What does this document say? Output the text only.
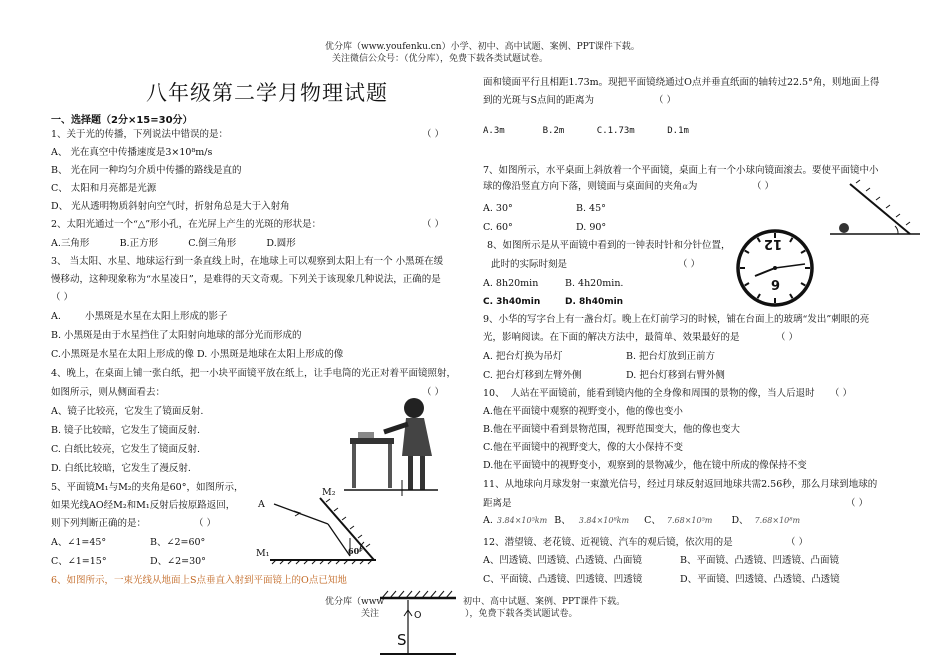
优分库（www.youfenku.cn）小学、初中、高中试题、案例、PPT课件下载。
关注微信公众号：（优分库），免费下载各类试题试卷。
八年级第二学月物理试题
一、选择题（2分×15=30分）
1、关于光的传播，下列说法中错误的是：	（ ）
A、 光在真空中传播速度是3×10⁸m/s
B、 光在同一种均匀介质中传播的路线是直的
C、 太阳和月亮都是光源
D、 光从透明物质斜射向空气时，折射角总是大于入射角
2、太阳光通过一个“△”形小孔，在光屏上产生的光斑的形状是：	（ ）
A.三角形          B.正方形          C.倒三角形          D.圆形
3、 当太阳、水星、地球运行到一条直线上时，在地球上可以观察到太阳上有一个 小黑斑在缓
慢移动，这种现象称为“水星凌日”，是难得的天文奇观。下列关于该现象几种说法，正确的是
（ ）
A.        小黑斑是水星在太阳上形成的影子
B. 小黑斑是由于水星挡住了太阳射向地球的部分光而形成的
C.小黑斑是水星在太阳上形成的像 D. 小黑斑是地球在太阳上形成的像
4、晚上，在桌面上铺一张白纸，把一小块平面镜平放在纸上，让手电筒的光正对着平面镜照射，
如图所示，则从侧面看去：	（ ）
A、镜子比较亮，它发生了镜面反射.
B. 镜子比较暗，它发生了镜面反射.
C. 白纸比较亮，它发生了镜面反射.
D. 白纸比较暗，它发生了漫反射.
5、平面镜M₁与M₂的夹角是60°，如图所示，
如果光线AO经M₂和M₁反射后按原路返回，
则下列判断正确的是：	（ ）
A、∠1=45°	B、∠2=60°
C、∠1=15°	D、∠2=30°
A
M₂
M₁	60°
6、如图所示，一束光线从地面上S点垂直入射到平面镜上的O点已知地
O
S
面和镜面平行且相距1.73m。现把平面镜绕通过O点并垂直纸面的轴转过22.5°角，则地面上得
到的光斑与S点间的距离为	（ ）
A.3m       B.2m      C.1.73m      D.1m
7、如图所示，水平桌面上斜放着一个平面镜，桌面上有一个小球向镜面滚去。要使平面镜中小
球的像沿竖直方向下落，则镜面与桌面间的夹角α为	（ ）
A. 30°	B. 45°
C. 60°	D. 90°
8、如图所示是从平面镜中看到的一钟表时针和分针位置，
此时的实际时刻是	（ ）
A. 8h20min	B. 4h20min.
C. 3h40min	D. 8h40min
12
6
9、小华的写字台上有一盏台灯。晚上在灯前学习的时候，铺在台面上的玻璃“发出”刺眼的亮
光，影响阅读。在下面的解决方法中，最简单、效果最好的是	（ ）
A. 把台灯换为吊灯	B. 把台灯放到正前方
C. 把台灯移到左臂外侧	D. 把台灯移到右臂外侧
10、  人站在平面镜前，能看到镜内他的全身像和周围的景物的像，当人后退时 （ ）
A.他在平面镜中观察的视野变小，他的像也变小
B.他在平面镜中看到景物范围，视野范围变大，他的像也变大
C.他在平面镜中的视野变大，像的大小保持不变
D.他在平面镜中的视野变小，观察到的景物减少，他在镜中所成的像保持不变
11、从地球向月球发射一束激光信号，经过月球反射返回地球共需2.56秒，那么月球到地球的
距离是	（ ）
A. 3.84×10⁵km B、 3.84×10⁸km C、 7.68×10⁵m D、 7.68×10⁸m
12、潜望镜、老花镜、近视镜、汽车的观后镜，依次用的是	（ ）
A、凹透镜、凹透镜、凸透镜、凸面镜	B、平面镜、凸透镜、凹透镜、凸面镜
C、平面镜、凸透镜、凹透镜、凹透镜	D、平面镜、凹透镜、凸透镜、凸透镜
优分库（www	初中、高中试题、案例、PPT课件下载。
关注	），免费下载各类试题试卷。
